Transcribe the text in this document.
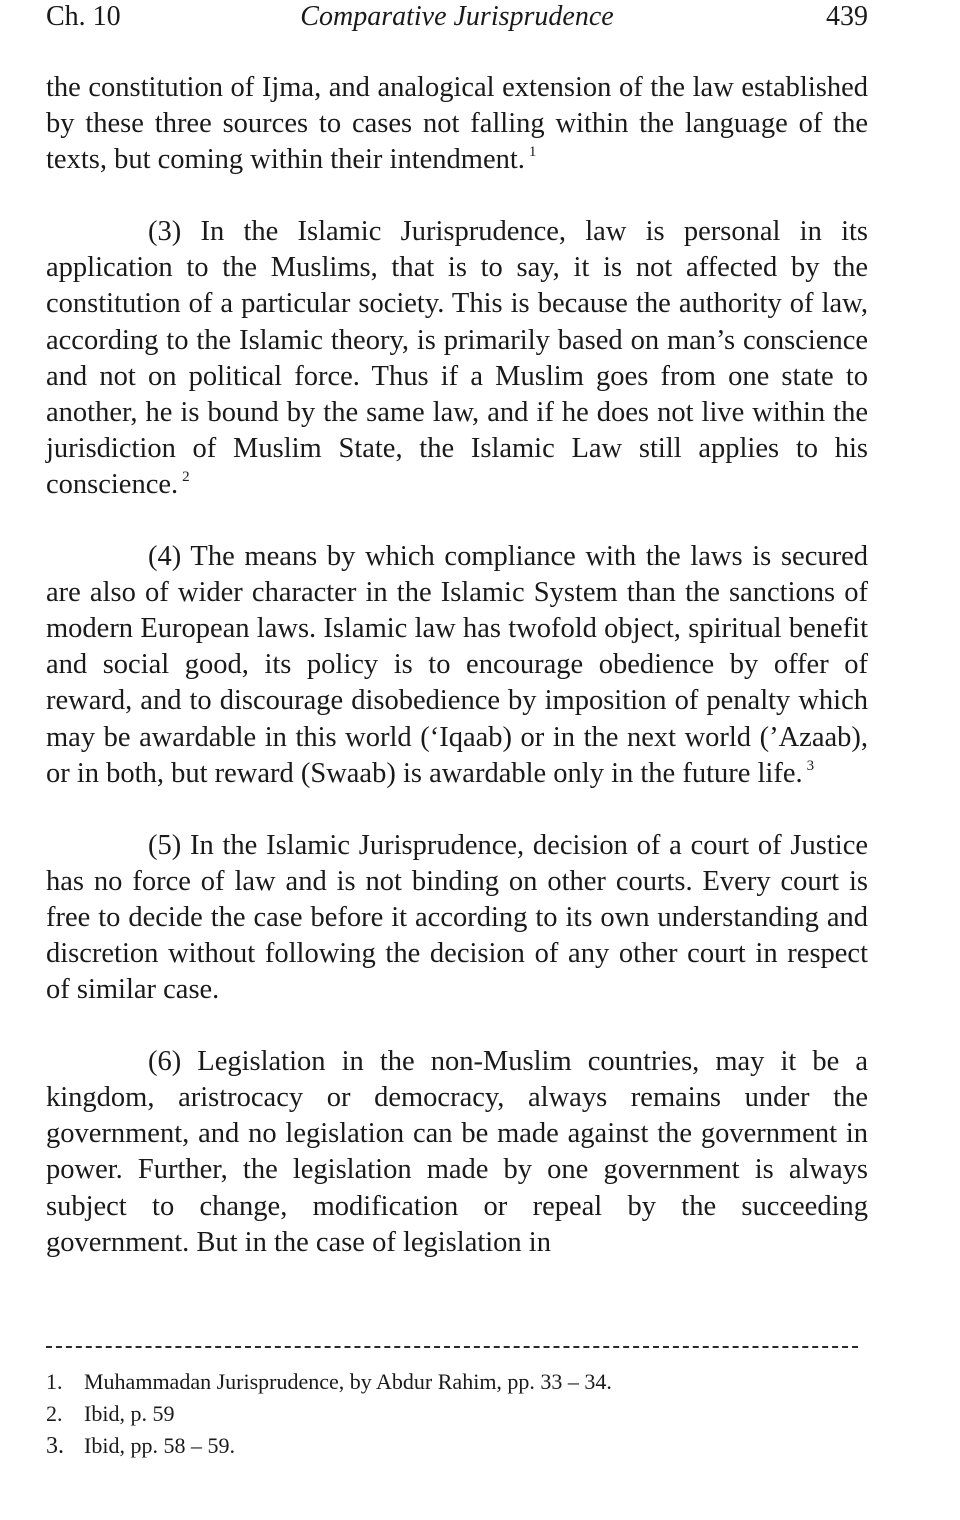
Ch. 10	Comparative Jurisprudence	439

the constitution of Ijma, and analogical extension of the law established by these three sources to cases not falling within the language of the texts, but coming within their intendment. $^1$

(3) In the Islamic Jurisprudence, law is personal in its application to the Muslims, that is to say, it is not affected by the constitution of a particular society. This is because the authority of law, according to the Islamic theory, is primarily based on man’s conscience and not on political force. Thus if a Muslim goes from one state to another, he is bound by the same law, and if he does not live within the jurisdiction of Muslim State, the Islamic Law still applies to his conscience. $^2$

(4) The means by which compliance with the laws is secured are also of wider character in the Islamic System than the sanctions of modern European laws. Islamic law has twofold object, spiritual benefit and social good, its policy is to encourage obedience by offer of reward, and to discourage disobedience by imposition of penalty which may be awardable in this world (‘Iqaab) or in the next world (’Azaab), or in both, but reward (Swaab) is awardable only in the future life. $^3$

(5) In the Islamic Jurisprudence, decision of a court of Justice has no force of law and is not binding on other courts. Every court is free to decide the case before it according to its own understanding and discretion without following the decision of any other court in respect of similar case.

(6) Legislation in the non-Muslim countries, may it be a kingdom, aristrocacy or democracy, always remains under the government, and no legislation can be made against the government in power. Further, the legislation made by one government is always subject to change, modification or repeal by the succeeding government. But in the case of legislation in

1. Muhammadan Jurisprudence, by Abdur Rahim, pp. 33 – 34.
2. Ibid, p. 59
3. Ibid, pp. 58 – 59.
